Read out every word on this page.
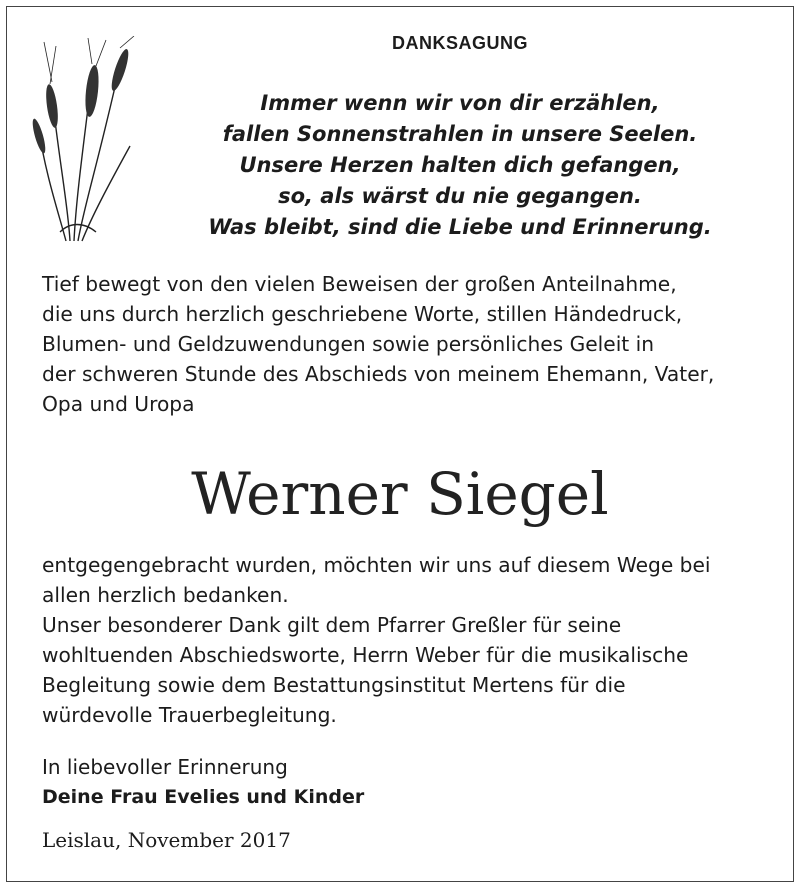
DANKSAGUNG
Immer wenn wir von dir erzählen,
fallen Sonnenstrahlen in unsere Seelen.
Unsere Herzen halten dich gefangen,
so, als wärst du nie gegangen.
Was bleibt, sind die Liebe und Erinnerung.
Tief bewegt von den vielen Beweisen der großen Anteilnahme,
die uns durch herzlich geschriebene Worte, stillen Händedruck,
Blumen- und Geldzuwendungen sowie persönliches Geleit in
der schweren Stunde des Abschieds von meinem Ehemann, Vater,
Opa und Uropa
Werner Siegel
entgegengebracht wurden, möchten wir uns auf diesem Wege bei
allen herzlich bedanken.
Unser besonderer Dank gilt dem Pfarrer Greßler für seine
wohltuenden Abschiedsworte, Herrn Weber für die musikalische
Begleitung sowie dem Bestattungsinstitut Mertens für die
würdevolle Trauerbegleitung.
In liebevoller Erinnerung
Deine Frau Evelies und Kinder
Leislau, November 2017
